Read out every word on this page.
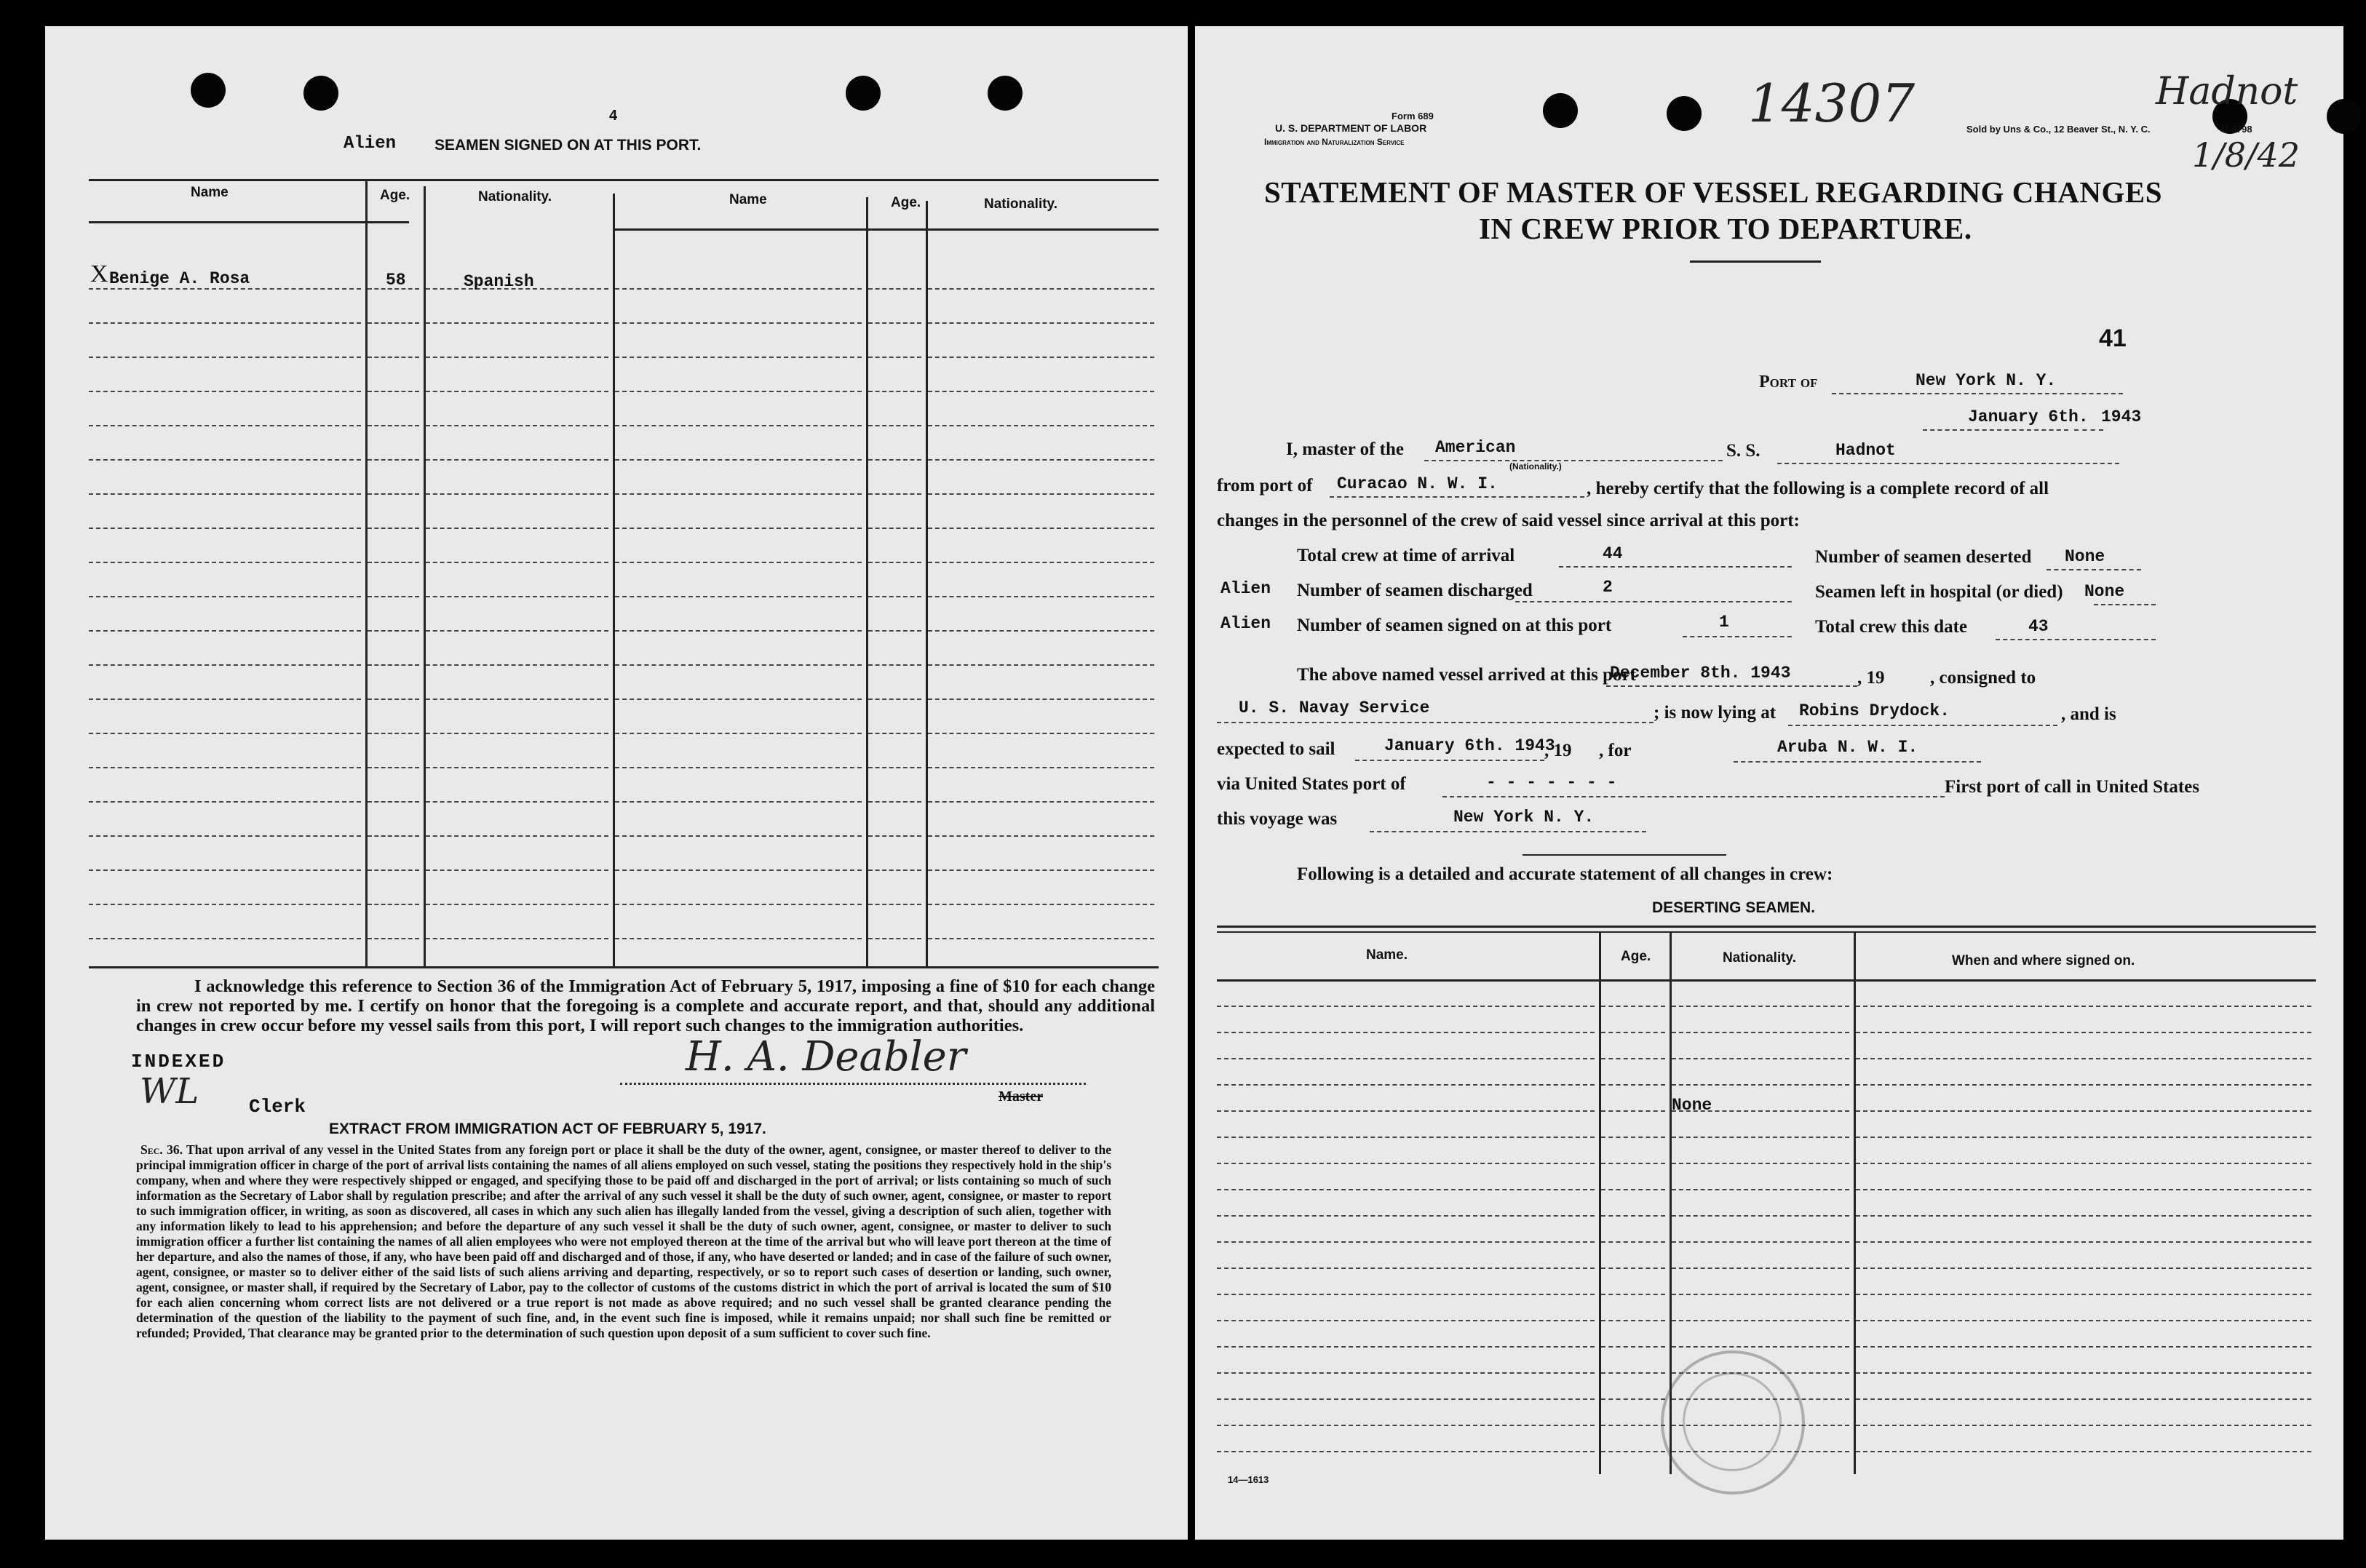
4
Alien	SEAMEN SIGNED ON AT THIS PORT.
Name	Age.	Nationality.	Name	Age.	Nationality.
X Benige A. Rosa	58	Spanish
I acknowledge this reference to Section 36 of the Immigration Act of February 5, 1917, imposing a fine of $10 for each change in crew not reported by me. I certify on honor that the foregoing is a complete and accurate report, and that, should any additional changes in crew occur before my vessel sails from this port, I will report such changes to the immigration authorities.
INDEXED
WL	Clerk
H. A. Deabler
Master
EXTRACT FROM IMMIGRATION ACT OF FEBRUARY 5, 1917.
Sec. 36. That upon arrival of any vessel in the United States from any foreign port or place it shall be the duty of the owner, agent, consignee, or master thereof to deliver to the principal immigration officer in charge of the port of arrival lists containing the names of all aliens employed on such vessel, stating the positions they respectively hold in the ship's company, when and where they were respectively shipped or engaged, and specifying those to be paid off and discharged in the port of arrival; or lists containing so much of such information as the Secretary of Labor shall by regulation prescribe; and after the arrival of any such vessel it shall be the duty of such owner, agent, consignee, or master to report to such immigration officer, in writing, as soon as discovered, all cases in which any such alien has illegally landed from the vessel, giving a description of such alien, together with any information likely to lead to his apprehension; and before the departure of any such vessel it shall be the duty of such owner, agent, consignee, or master to deliver to such immigration officer a further list containing the names of all alien employees who were not employed thereon at the time of the arrival but who will leave port thereon at the time of her departure, and also the names of those, if any, who have been paid off and discharged and of those, if any, who have deserted or landed; and in case of the failure of such owner, agent, consignee, or master so to deliver either of the said lists of such aliens arriving and departing, respectively, or so to report such cases of desertion or landing, such owner, agent, consignee, or master shall, if required by the Secretary of Labor, pay to the collector of customs of the customs district in which the port of arrival is located the sum of $10 for each alien concerning whom correct lists are not delivered or a true report is not made as above required; and no such vessel shall be granted clearance pending the determination of the question of the liability to the payment of such fine, and, in the event such fine is imposed, while it remains unpaid; nor shall such fine be remitted or refunded; Provided, That clearance may be granted prior to the determination of such question upon deposit of a sum sufficient to cover such fine.
Form 689
U. S. DEPARTMENT OF LABOR
Immigration and Naturalization Service
14307	Sold by Uns & Co., 12 Beaver St., N. Y. C.	U-8798
Hadnot
1/8/42
STATEMENT OF MASTER OF VESSEL REGARDING CHANGES
IN CREW PRIOR TO DEPARTURE.
41
Port of	New York N. Y.
January 6th. 1943
I, master of the American
(Nationality.)
S. S.	Hadnot
from port of Curacao N. W. I.	, hereby certify that the following is a complete record of all
changes in the personnel of the crew of said vessel since arrival at this port:
Total crew at time of arrival	44	Number of seamen deserted None
Alien Number of seamen discharged	2	Seamen left in hospital (or died) None
Alien Number of seamen signed on at this port	1	Total crew this date	43
The above named vessel arrived at this port
December 8th. 1943	, 19	, consigned to
U. S. Navay Service	; is now lying at Robins Drydock.	, and is
expected to sail	January 6th. 1943
, 19      , for	Aruba N. W. I.
via United States port of	- - - - - - -	First port of call in United States
this voyage was	New York N. Y.
Following is a detailed and accurate statement of all changes in crew:
DESERTING SEAMEN.
Name.	Age.	Nationality.	When and where signed on.
None
14—1613
